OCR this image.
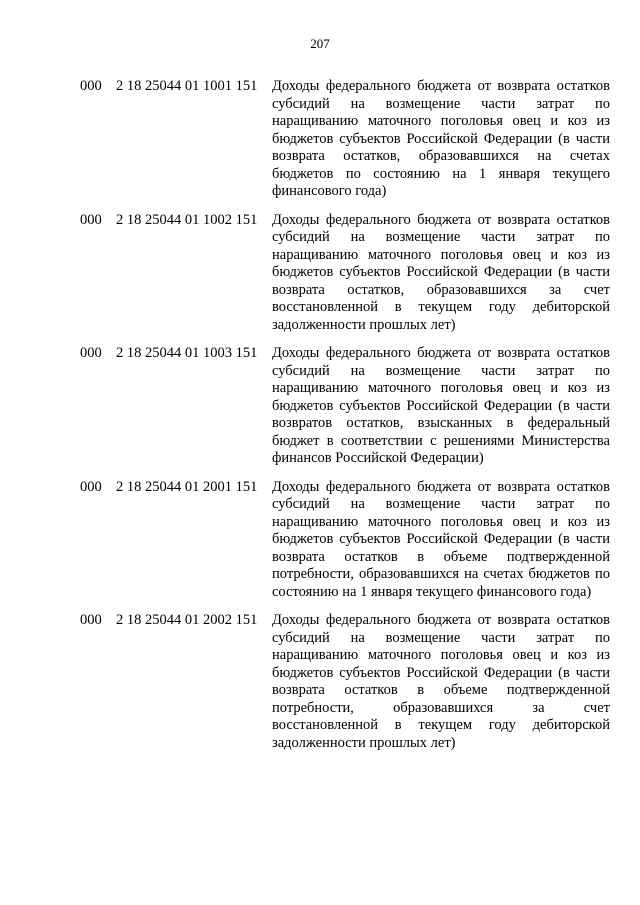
207
000 2 18 25044 01 1001 151	Доходы федерального бюджета от возврата остатков субсидий на возмещение части затрат по наращиванию маточного поголовья овец и коз из бюджетов субъектов Российской Федерации (в части возврата остатков, образовавшихся на счетах бюджетов по состоянию на 1 января текущего финансового года)
000 2 18 25044 01 1002 151	Доходы федерального бюджета от возврата остатков субсидий на возмещение части затрат по наращиванию маточного поголовья овец и коз из бюджетов субъектов Российской Федерации (в части возврата остатков, образовавшихся за счет восстановленной в текущем году дебиторской задолженности прошлых лет)
000 2 18 25044 01 1003 151	Доходы федерального бюджета от возврата остатков субсидий на возмещение части затрат по наращиванию маточного поголовья овец и коз из бюджетов субъектов Российской Федерации (в части возвратов остатков, взысканных в федеральный бюджет в соответствии с решениями Министерства финансов Российской Федерации)
000 2 18 25044 01 2001 151	Доходы федерального бюджета от возврата остатков субсидий на возмещение части затрат по наращиванию маточного поголовья овец и коз из бюджетов субъектов Российской Федерации (в части возврата остатков в объеме подтвержденной потребности, образовавшихся на счетах бюджетов по состоянию на 1 января текущего финансового года)
000 2 18 25044 01 2002 151	Доходы федерального бюджета от возврата остатков субсидий на возмещение части затрат по наращиванию маточного поголовья овец и коз из бюджетов субъектов Российской Федерации (в части возврата остатков в объеме подтвержденной потребности, образовавшихся за счет восстановленной в текущем году дебиторской задолженности прошлых лет)
